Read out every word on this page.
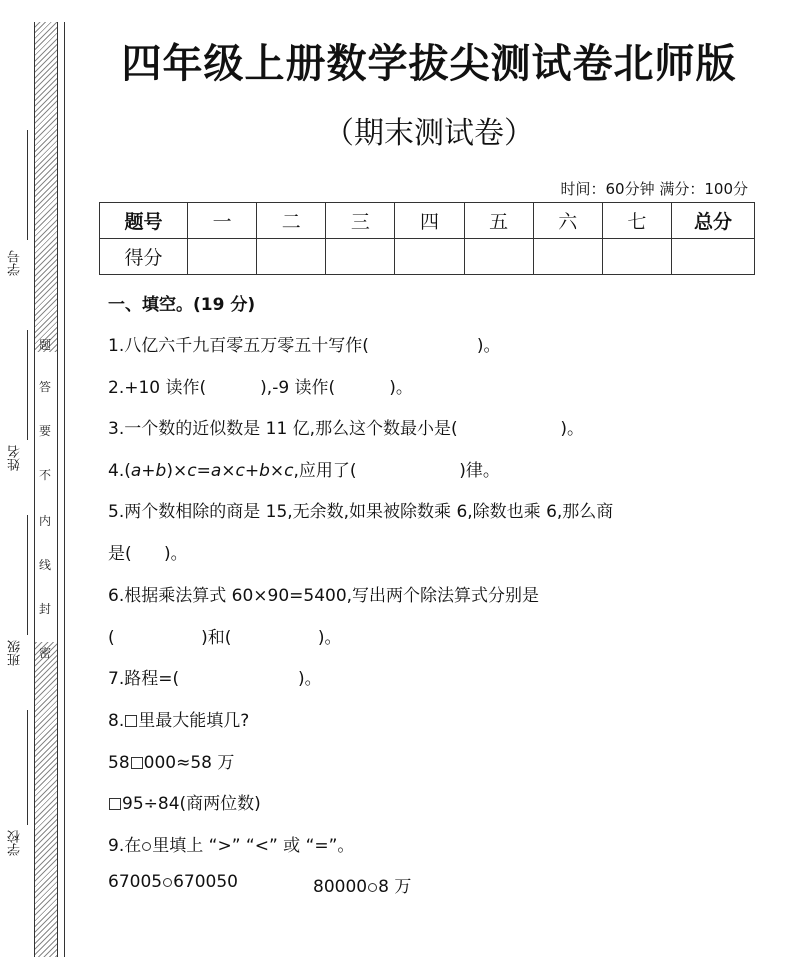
题
答
要
不
内
线
封
密
学号
姓名
班级
学校
四年级上册数学拔尖测试卷北师版
（期末测试卷）
时间：60分钟 满分：100分
题号	一	二	三	四	五	六	七	总分
得分								
一、填空。(19 分)
1.八亿六千九百零五万零五十写作(                    )。
2.+10 读作(          ),-9 读作(          )。
3.一个数的近似数是 11 亿,那么这个数最小是(                   )。
4.(a+b)×c=a×c+b×c,应用了(                   )律。
5.两个数相除的商是 15,无余数,如果被除数乘 6,除数也乘 6,那么商
是(      )。
6.根据乘法算式 60×90=5400,写出两个除法算式分别是
(                )和(                )。
7.路程=(                      )。
8. 里最大能填几?
58 000≈58 万
95÷84(商两位数)
9.在 里填上 “>” “<” 或 “=”。
67005 670050	80000 8 万
